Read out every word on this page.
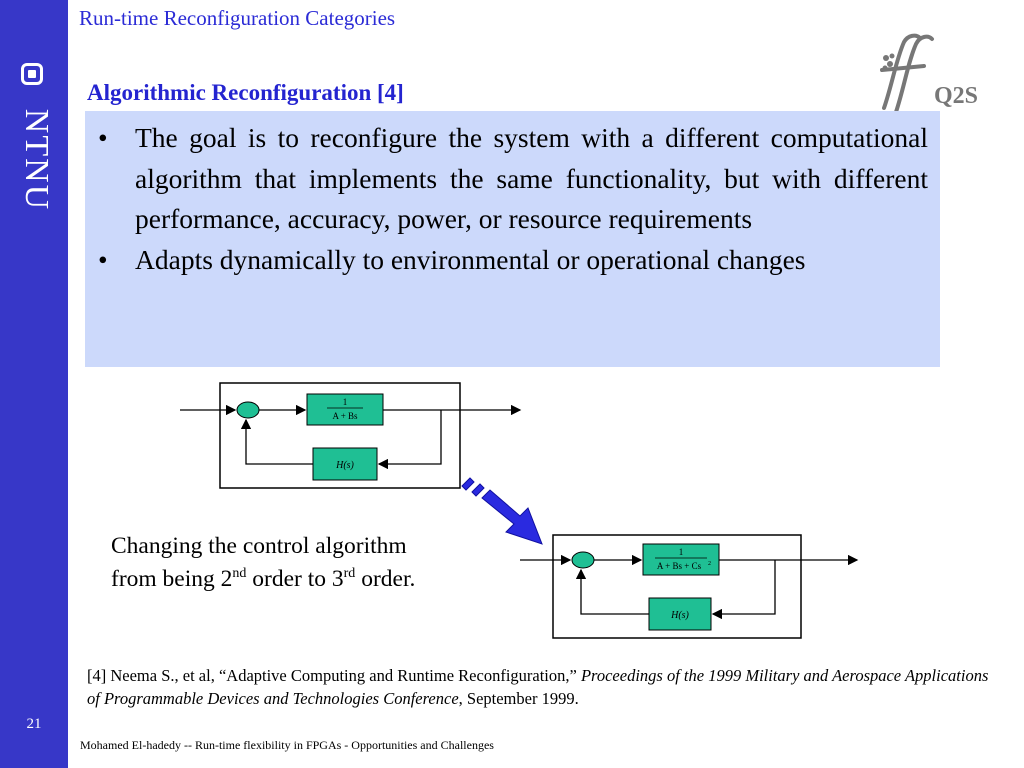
NTNU
21
Run-time Reconfiguration Categories
Algorithmic Reconfiguration [4]	Q2S
• The goal is to reconfigure the system with a different computational algorithm that implements the same functionality, but with different performance, accuracy, power, or resource requirements
• Adapts dynamically to environmental or operational changes
1
A + Bs
H(s)
1
A + Bs + Cs 2
H(s)
Changing the control algorithm
from being 2nd order to 3rd order.
[4] Neema S., et al, “Adaptive Computing and Runtime Reconfiguration,” Proceedings of the 1999 Military and Aerospace Applications of Programmable Devices and Technologies Conference, September 1999.
Mohamed El-hadedy -- Run-time flexibility in FPGAs - Opportunities and Challenges
